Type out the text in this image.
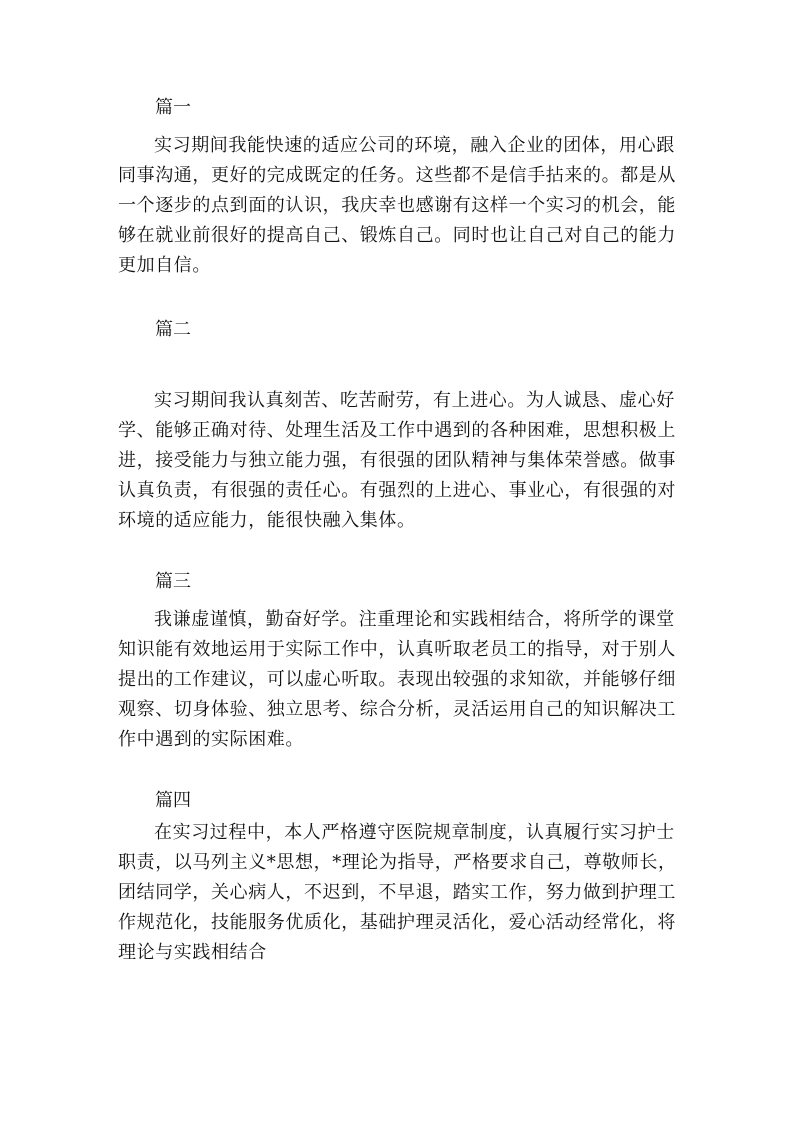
篇一
实习期间我能快速的适应公司的环境，融入企业的团体，用心跟
同事沟通，更好的完成既定的任务。这些都不是信手拈来的。都是从
一个逐步的点到面的认识，我庆幸也感谢有这样一个实习的机会，能
够在就业前很好的提高自己、锻炼自己。同时也让自己对自己的能力
更加自信。
篇二
实习期间我认真刻苦、吃苦耐劳，有上进心。为人诚恳、虚心好
学、能够正确对待、处理生活及工作中遇到的各种困难，思想积极上
进，接受能力与独立能力强，有很强的团队精神与集体荣誉感。做事
认真负责，有很强的责任心。有强烈的上进心、事业心，有很强的对
环境的适应能力，能很快融入集体。
篇三
我谦虚谨慎，勤奋好学。注重理论和实践相结合，将所学的课堂
知识能有效地运用于实际工作中，认真听取老员工的指导，对于别人
提出的工作建议，可以虚心听取。表现出较强的求知欲，并能够仔细
观察、切身体验、独立思考、综合分析，灵活运用自己的知识解决工
作中遇到的实际困难。
篇四
在实习过程中，本人严格遵守医院规章制度，认真履行实习护士
职责，以马列主义*思想，*理论为指导，严格要求自己，尊敬师长，
团结同学，关心病人，不迟到，不早退，踏实工作，努力做到护理工
作规范化，技能服务优质化，基础护理灵活化，爱心活动经常化，将
理论与实践相结合
